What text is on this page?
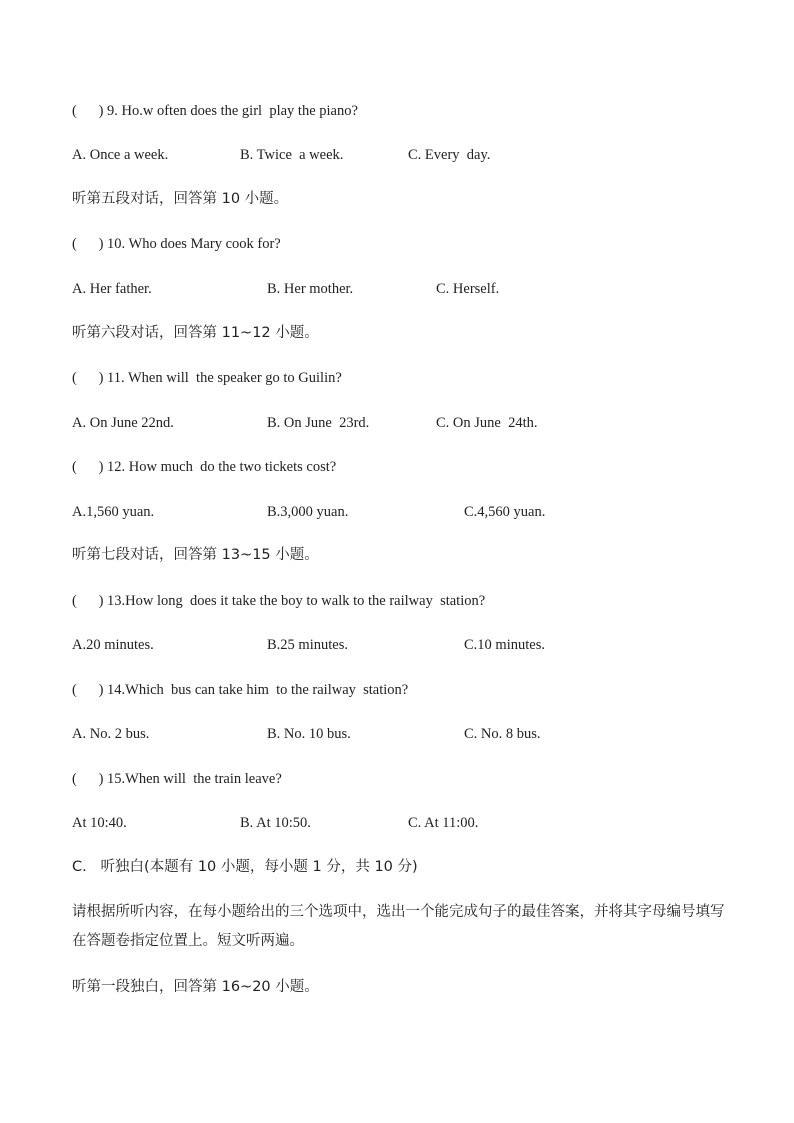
(      ) 9. Ho.w often does the girl  play the piano?
A. Once a week.	B. Twice  a week.	C. Every  day.
听第五段对话，回答第 10 小题。
(      ) 10. Who does Mary cook for?
A. Her father.	B. Her mother.	C. Herself.
听第六段对话，回答第 11~12 小题。
(      ) 11. When will  the speaker go to Guilin?
A. On June 22nd.	B. On June  23rd.	C. On June  24th.
(      ) 12. How much  do the two tickets cost?
A.1,560 yuan.	B.3,000 yuan.	C.4,560 yuan.
听第七段对话，回答第 13~15 小题。
(      ) 13.How long  does it take the boy to walk to the railway  station?
A.20 minutes.	B.25 minutes.	C.10 minutes.
(      ) 14.Which  bus can take him  to the railway  station?
A. No. 2 bus.	B. No. 10 bus.	C. No. 8 bus.
(      ) 15.When will  the train leave?
At 10:40.	B. At 10:50.	C. At 11:00.
C.   听独白(本题有 10 小题，每小题 1 分，共 10 分)
请根据所听内容，在每小题给出的三个选项中，选出一个能完成句子的最佳答案，并将其字母编号填写在答题卷指定位置上。短文听两遍。
听第一段独白，回答第 16~20 小题。
